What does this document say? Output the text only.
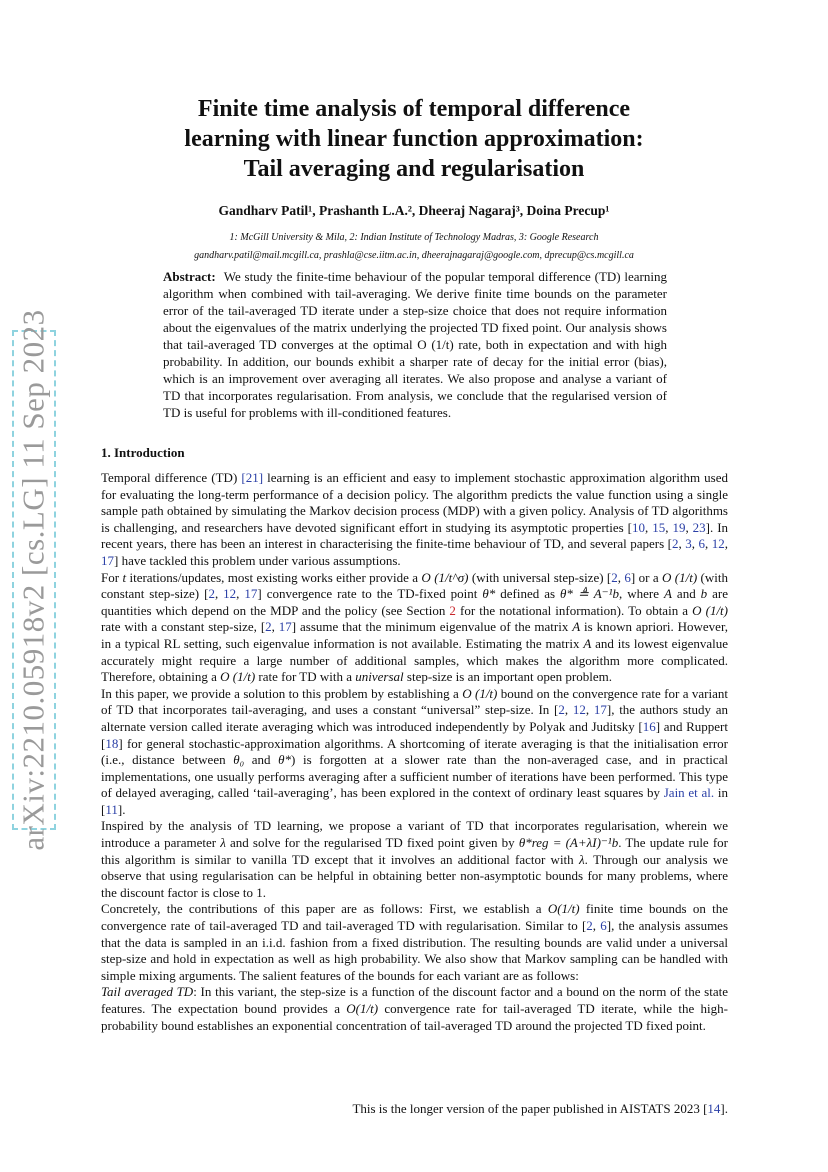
arXiv:2210.05918v2 [cs.LG] 11 Sep 2023
Finite time analysis of temporal difference
learning with linear function approximation:
Tail averaging and regularisation
Gandharv Patil¹, Prashanth L.A.², Dheeraj Nagaraj³, Doina Precup¹
1: McGill University & Mila, 2: Indian Institute of Technology Madras, 3: Google Research
gandharv.patil@mail.mcgill.ca, prashla@cse.iitm.ac.in, dheerajnagaraj@google.com, dprecup@cs.mcgill.ca
Abstract: We study the finite-time behaviour of the popular temporal difference (TD) learning algorithm when combined with tail-averaging. We derive finite time bounds on the parameter error of the tail-averaged TD iterate under a step-size choice that does not require information about the eigenvalues of the matrix underlying the projected TD fixed point. Our analysis shows that tail-averaged TD converges at the optimal O (1/t) rate, both in expectation and with high probability. In addition, our bounds exhibit a sharper rate of decay for the initial error (bias), which is an improvement over averaging all iterates. We also propose and analyse a variant of TD that incorporates regularisation. From analysis, we conclude that the regularised version of TD is useful for problems with ill-conditioned features.
1. Introduction

Temporal difference (TD) [21] learning is an efficient and easy to implement stochastic approximation algorithm used for evaluating the long-term performance of a decision policy. The algorithm predicts the value function using a single sample path obtained by simulating the Markov decision process (MDP) with a given policy. Analysis of TD algorithms is challenging, and researchers have devoted significant effort in studying its asymptotic properties [10, 15, 19, 23]. In recent years, there has been an interest in characterising the finite-time behaviour of TD, and several papers [2, 3, 6, 12, 17] have tackled this problem under various assumptions.

For t iterations/updates, most existing works either provide a O (1/t^σ) (with universal step-size) [2, 6] or a O (1/t) (with constant step-size) [2, 12, 17] convergence rate to the TD-fixed point θ* defined as θ* ≜ A⁻¹b, where A and b are quantities which depend on the MDP and the policy (see Section 2 for the notational information). To obtain a O (1/t) rate with a constant step-size, [2, 17] assume that the minimum eigenvalue of the matrix A is known apriori. However, in a typical RL setting, such eigenvalue information is not available. Estimating the matrix A and its lowest eigenvalue accurately might require a large number of additional samples, which makes the algorithm more complicated. Therefore, obtaining a O (1/t) rate for TD with a universal step-size is an important open problem.

In this paper, we provide a solution to this problem by establishing a O (1/t) bound on the convergence rate for a variant of TD that incorporates tail-averaging, and uses a constant “universal” step-size. In [2, 12, 17], the authors study an alternate version called iterate averaging which was introduced independently by Polyak and Juditsky [16] and Ruppert [18] for general stochastic-approximation algorithms. A shortcoming of iterate averaging is that the initialisation error (i.e., distance between θ₀ and θ*) is forgotten at a slower rate than the non-averaged case, and in practical implementations, one usually performs averaging after a sufficient number of iterations have been performed. This type of delayed averaging, called ‘tail-averaging’, has been explored in the context of ordinary least squares by Jain et al. in [11].

Inspired by the analysis of TD learning, we propose a variant of TD that incorporates regularisation, wherein we introduce a parameter λ and solve for the regularised TD fixed point given by θ*reg = (A+λI)⁻¹b. The update rule for this algorithm is similar to vanilla TD except that it involves an additional factor with λ. Through our analysis we observe that using regularisation can be helpful in obtaining better non-asymptotic bounds for many problems, where the discount factor is close to 1.

Concretely, the contributions of this paper are as follows: First, we establish a O(1/t) finite time bounds on the convergence rate of tail-averaged TD and tail-averaged TD with regularisation. Similar to [2, 6], the analysis assumes that the data is sampled in an i.i.d. fashion from a fixed distribution. The resulting bounds are valid under a universal step-size and hold in expectation as well as high probability. We also show that Markov sampling can be handled with simple mixing arguments. The salient features of the bounds for each variant are as follows:

Tail averaged TD: In this variant, the step-size is a function of the discount factor and a bound on the norm of the state features. The expectation bound provides a O(1/t) convergence rate for tail-averaged TD iterate, while the high-probability bound establishes an exponential concentration of tail-averaged TD around the projected TD fixed point.

This is the longer version of the paper published in AISTATS 2023 [14].
